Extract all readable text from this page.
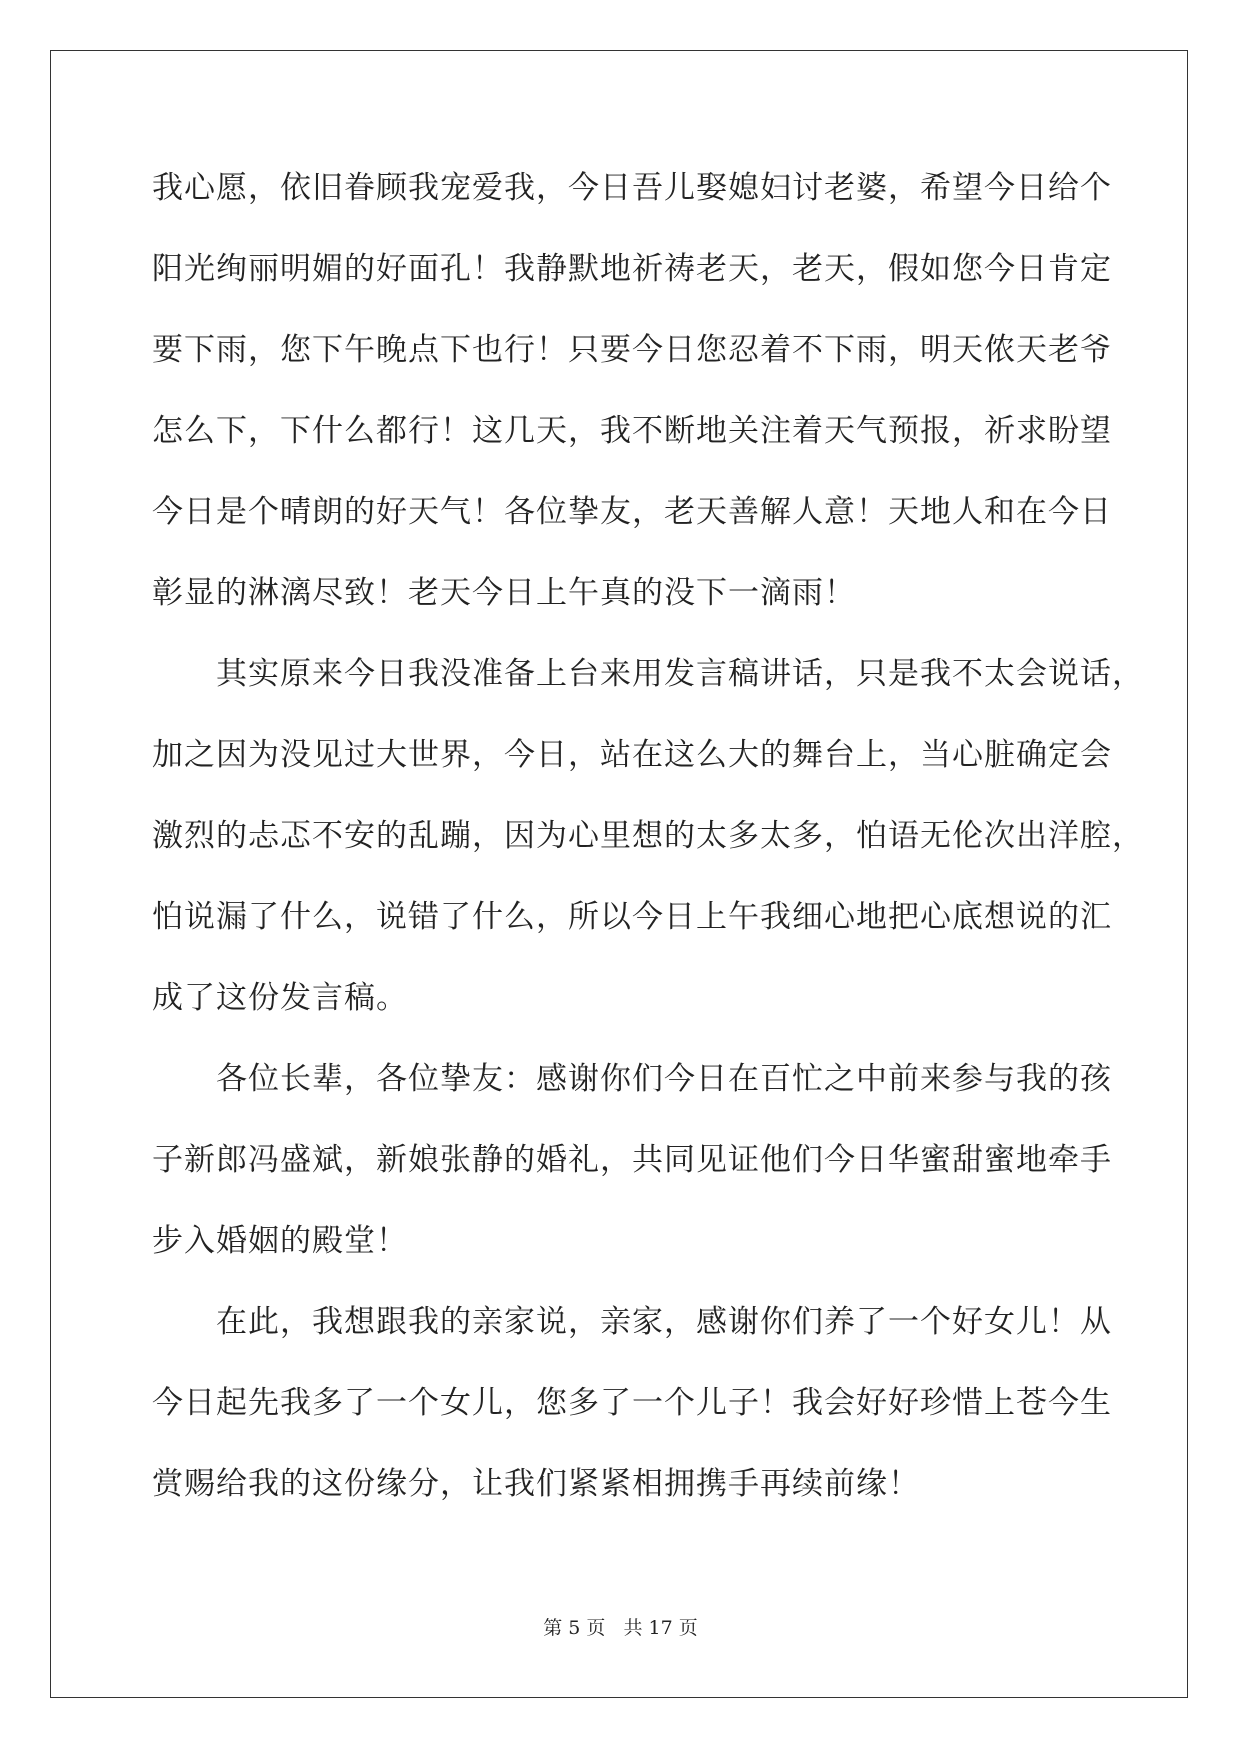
我心愿，依旧眷顾我宠爱我，今日吾儿娶媳妇讨老婆，希望今日给个
阳光绚丽明媚的好面孔！我静默地祈祷老天，老天，假如您今日肯定
要下雨，您下午晚点下也行！只要今日您忍着不下雨，明天侬天老爷
怎么下，下什么都行！这几天，我不断地关注着天气预报，祈求盼望
今日是个晴朗的好天气！各位挚友，老天善解人意！天地人和在今日
彰显的淋漓尽致！老天今日上午真的没下一滴雨！

其实原来今日我没准备上台来用发言稿讲话，只是我不太会说话，
加之因为没见过大世界，今日，站在这么大的舞台上，当心脏确定会
激烈的忐忑不安的乱蹦，因为心里想的太多太多，怕语无伦次出洋腔，
怕说漏了什么，说错了什么，所以今日上午我细心地把心底想说的汇
成了这份发言稿。

各位长辈，各位挚友：感谢你们今日在百忙之中前来参与我的孩
子新郎冯盛斌，新娘张静的婚礼，共同见证他们今日华蜜甜蜜地牵手
步入婚姻的殿堂！

在此，我想跟我的亲家说，亲家，感谢你们养了一个好女儿！从
今日起先我多了一个女儿，您多了一个儿子！我会好好珍惜上苍今生
赏赐给我的这份缘分，让我们紧紧相拥携手再续前缘！

第 5 页 共 17 页
